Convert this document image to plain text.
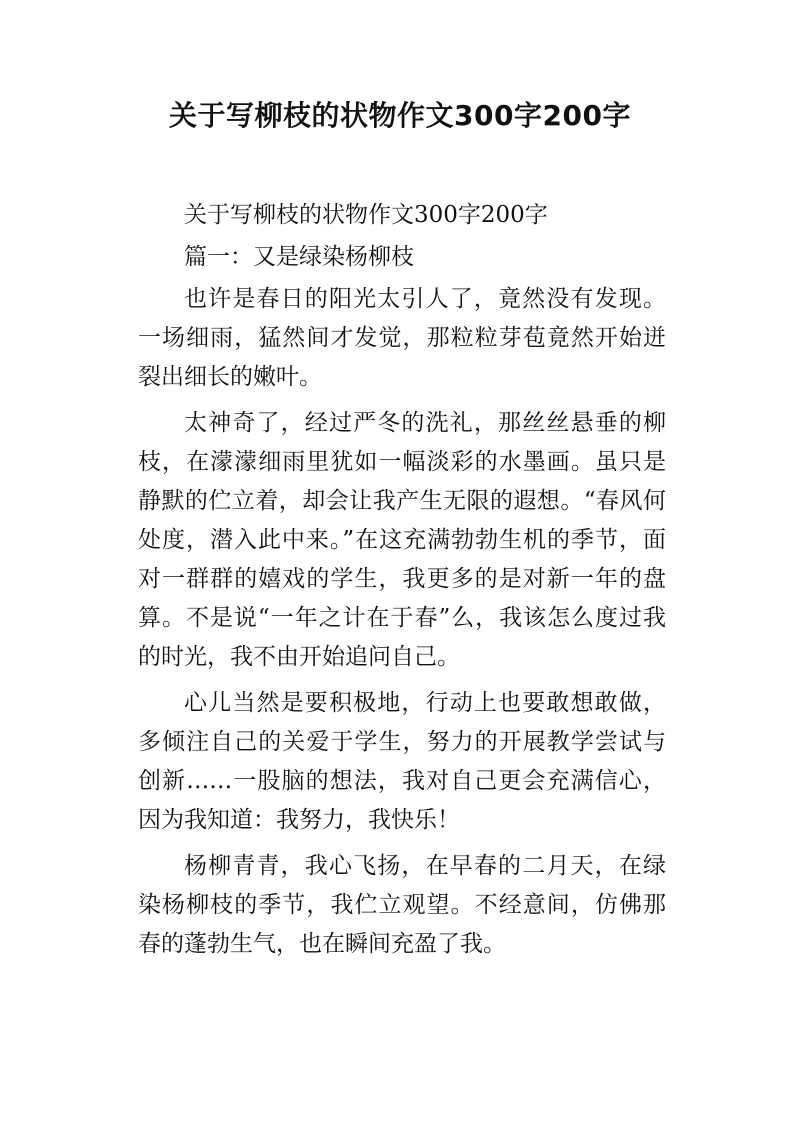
关于写柳枝的状物作文300字200字

关于写柳枝的状物作文300字200字

篇一：又是绿染杨柳枝

也许是春日的阳光太引人了，竟然没有发现。一场细雨，猛然间才发觉，那粒粒芽苞竟然开始迸裂出细长的嫩叶。

太神奇了，经过严冬的洗礼，那丝丝悬垂的柳枝，在濛濛细雨里犹如一幅淡彩的水墨画。虽只是静默的伫立着，却会让我产生无限的遐想。“春风何处度，潜入此中来。”在这充满勃勃生机的季节，面对一群群的嬉戏的学生，我更多的是对新一年的盘算。不是说“一年之计在于春”么，我该怎么度过我的时光，我不由开始追问自己。

心儿当然是要积极地，行动上也要敢想敢做，多倾注自己的关爱于学生，努力的开展教学尝试与创新……一股脑的想法，我对自己更会充满信心，因为我知道：我努力，我快乐！

杨柳青青，我心飞扬，在早春的二月天，在绿染杨柳枝的季节，我伫立观望。不经意间，仿佛那春的蓬勃生气，也在瞬间充盈了我。
